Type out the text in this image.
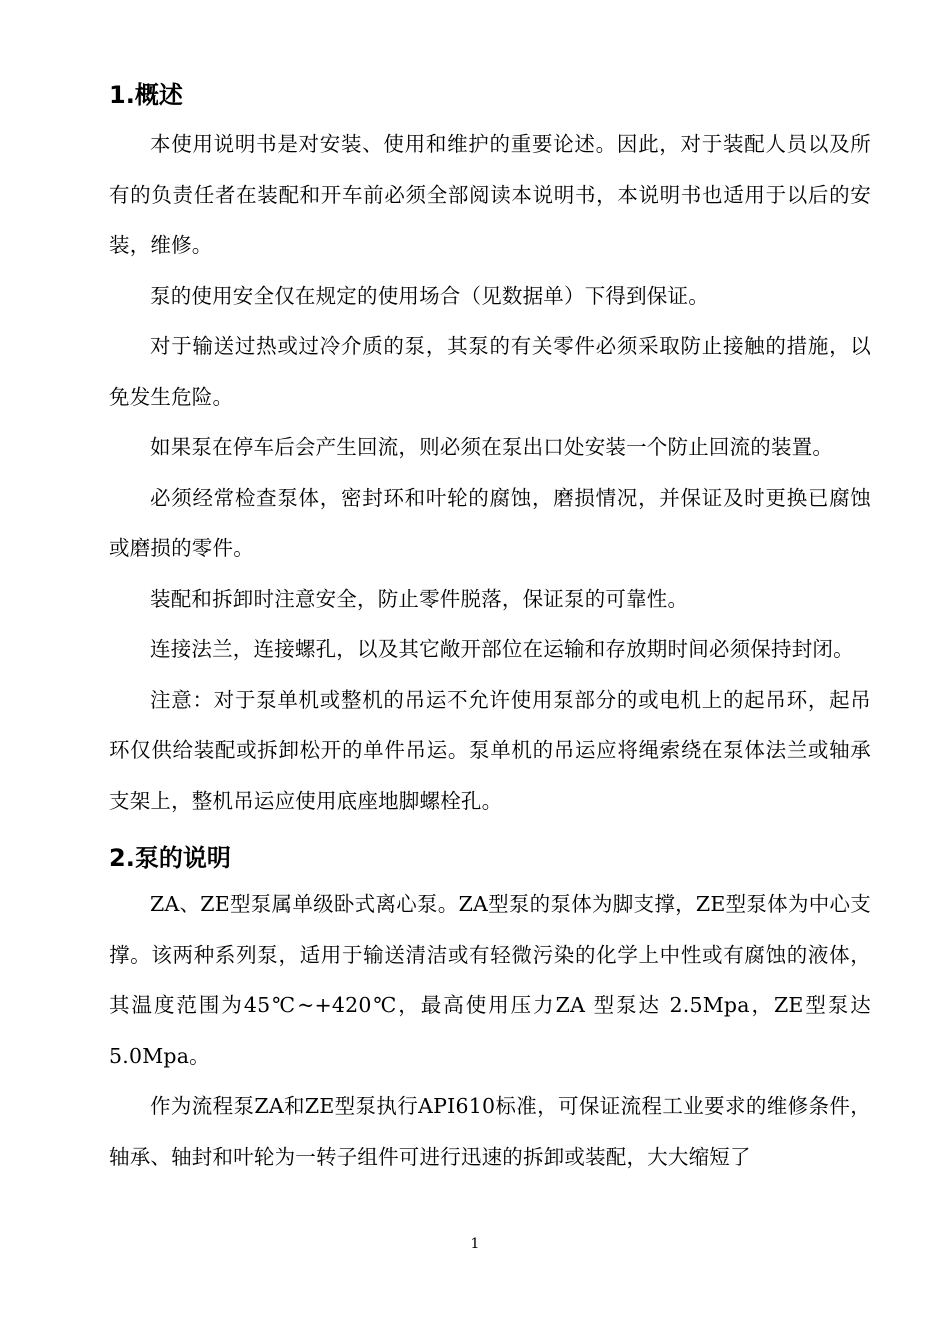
1.概述

本使用说明书是对安装、使用和维护的重要论述。因此，对于装配人员以及所有的负责任者在装配和开车前必须全部阅读本说明书，本说明书也适用于以后的安装，维修。

泵的使用安全仅在规定的使用场合（见数据单）下得到保证。

对于输送过热或过冷介质的泵，其泵的有关零件必须采取防止接触的措施，以免发生危险。

如果泵在停车后会产生回流，则必须在泵出口处安装一个防止回流的装置。

必须经常检查泵体，密封环和叶轮的腐蚀，磨损情况，并保证及时更换已腐蚀或磨损的零件。

装配和拆卸时注意安全，防止零件脱落，保证泵的可靠性。

连接法兰，连接螺孔，以及其它敞开部位在运输和存放期时间必须保持封闭。

注意：对于泵单机或整机的吊运不允许使用泵部分的或电机上的起吊环，起吊环仅供给装配或拆卸松开的单件吊运。泵单机的吊运应将绳索绕在泵体法兰或轴承支架上，整机吊运应使用底座地脚螺栓孔。

2.泵的说明

ZA、ZE型泵属单级卧式离心泵。ZA型泵的泵体为脚支撑，ZE型泵体为中心支撑。该两种系列泵，适用于输送清洁或有轻微污染的化学上中性或有腐蚀的液体，其温度范围为45℃~+420℃，最高使用压力ZA 型泵达 2.5Mpa，ZE型泵达5.0Mpa。

作为流程泵ZA和ZE型泵执行API610标准，可保证流程工业要求的维修条件，轴承、轴封和叶轮为一转子组件可进行迅速的拆卸或装配，大大缩短了

1
